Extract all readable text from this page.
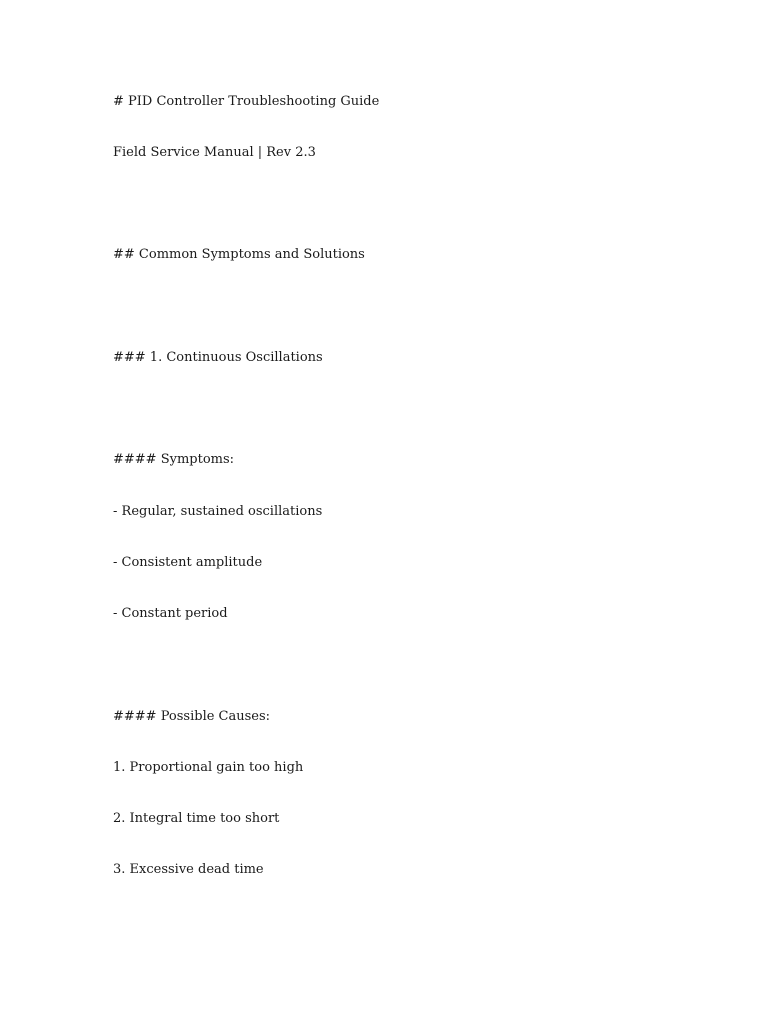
# PID Controller Troubleshooting Guide
Field Service Manual | Rev 2.3
## Common Symptoms and Solutions
### 1. Continuous Oscillations
#### Symptoms:
- Regular, sustained oscillations
- Consistent amplitude
- Constant period
#### Possible Causes:
1. Proportional gain too high
2. Integral time too short
3. Excessive dead time
